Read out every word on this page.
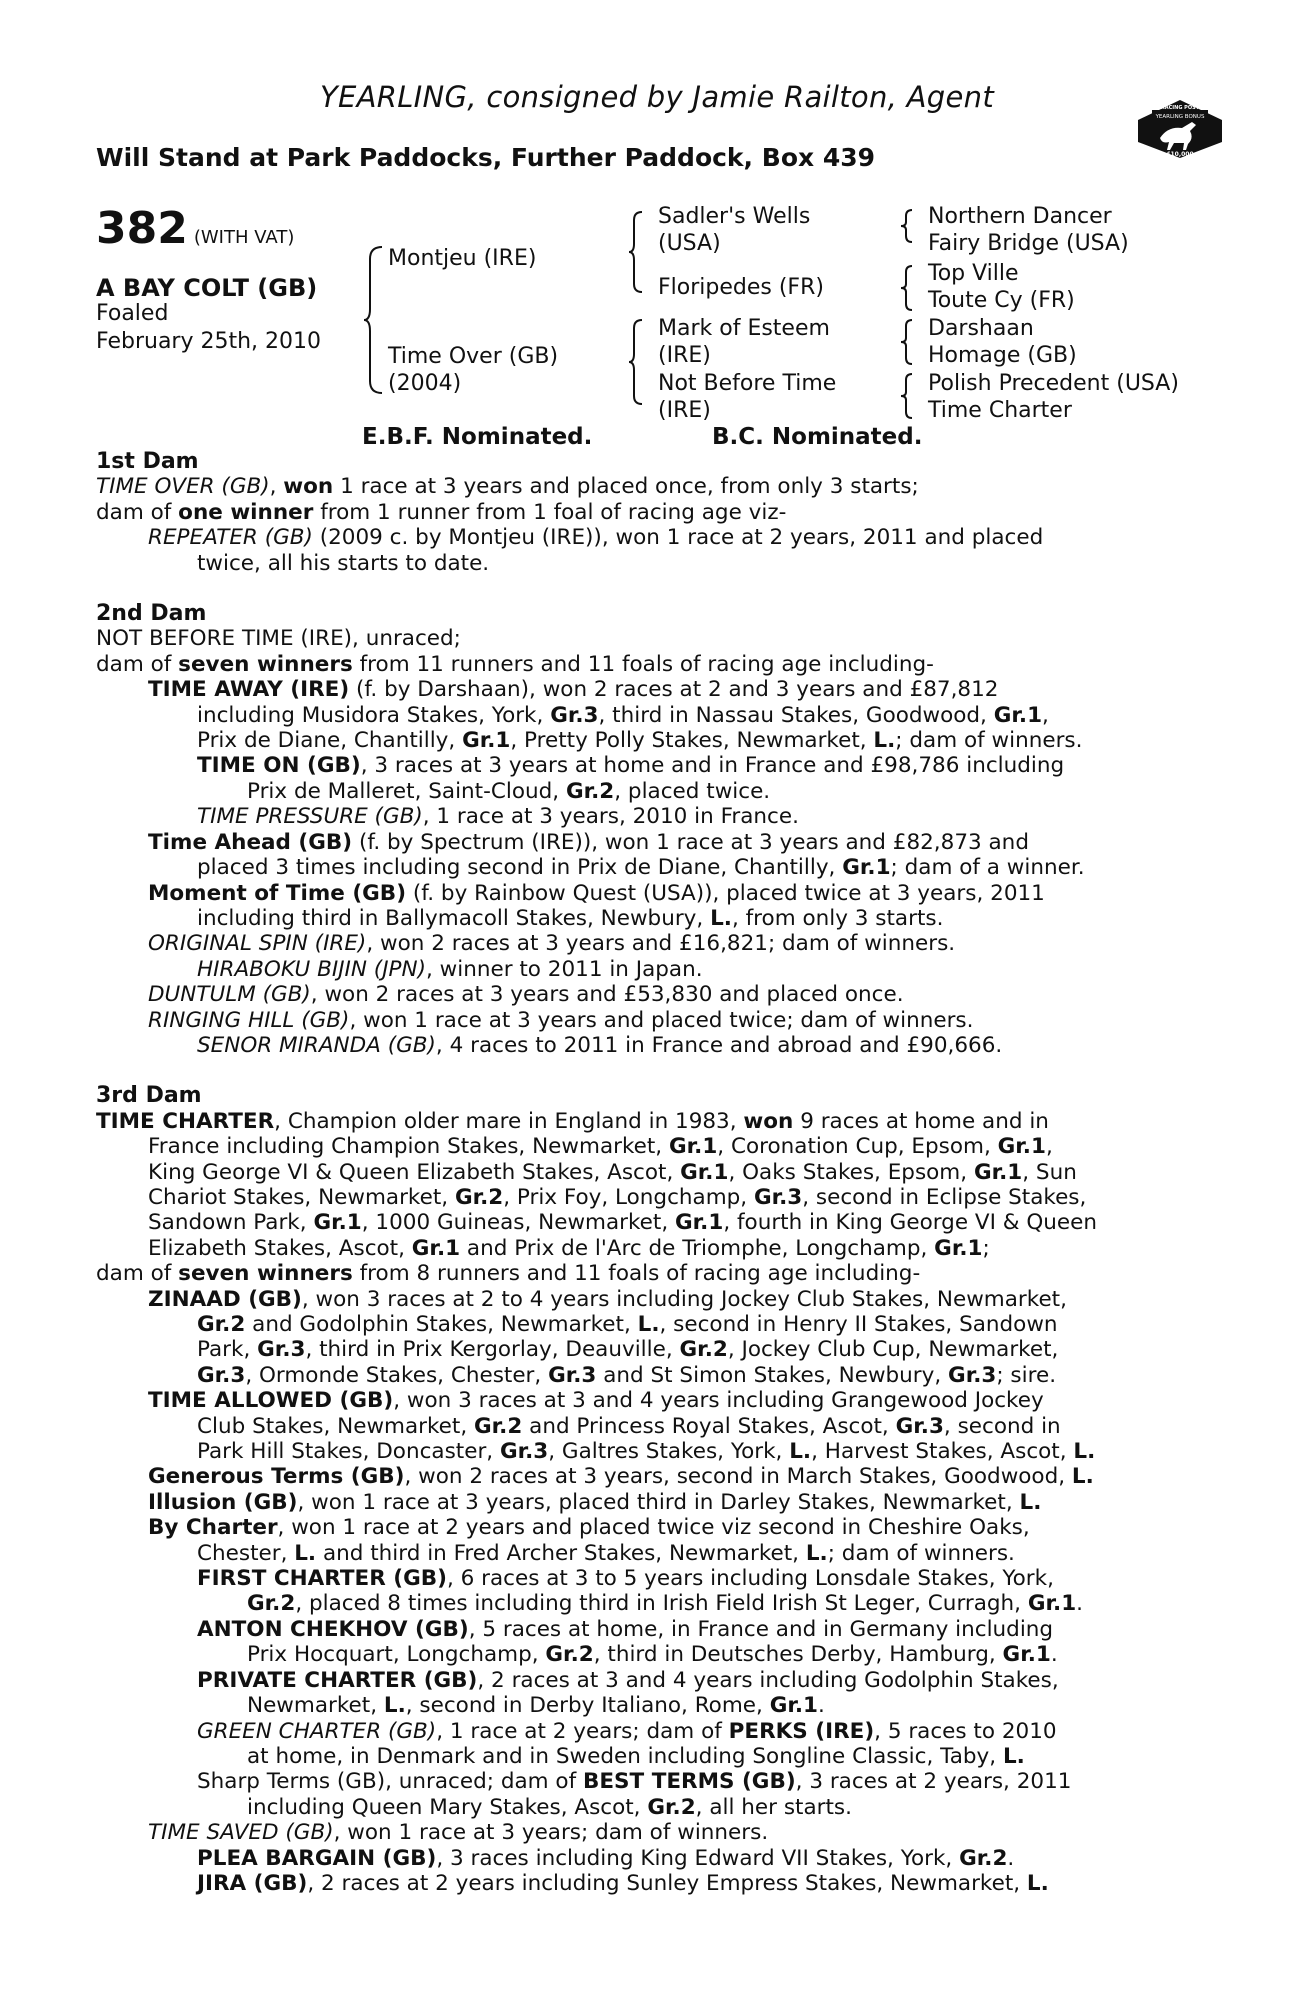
YEARLING, consigned by Jamie Railton, Agent
Will Stand at Park Paddocks, Further Paddock, Box 439
RACING POST
YEARLING BONUS
£10,000
382 (WITH VAT)
A BAY COLT (GB)
Foaled
February 25th, 2010
Montjeu (IRE)
Time Over (GB)
(2004)
Sadler's Wells
(USA)
Floripedes (FR)
Mark of Esteem
(IRE)
Not Before Time
(IRE)
Northern Dancer
Fairy Bridge (USA)
Top Ville
Toute Cy (FR)
Darshaan
Homage (GB)
Polish Precedent (USA)
Time Charter
E.B.F. Nominated.	B.C. Nominated.
1st Dam
TIME OVER (GB), won 1 race at 3 years and placed once, from only 3 starts;
dam of one winner from 1 runner from 1 foal of racing age viz-
REPEATER (GB) (2009 c. by Montjeu (IRE)), won 1 race at 2 years, 2011 and placed
twice, all his starts to date.
2nd Dam
NOT BEFORE TIME (IRE), unraced;
dam of seven winners from 11 runners and 11 foals of racing age including-
TIME AWAY (IRE) (f. by Darshaan), won 2 races at 2 and 3 years and £87,812
including Musidora Stakes, York, Gr.3, third in Nassau Stakes, Goodwood, Gr.1,
Prix de Diane, Chantilly, Gr.1, Pretty Polly Stakes, Newmarket, L.; dam of winners.
TIME ON (GB), 3 races at 3 years at home and in France and £98,786 including
Prix de Malleret, Saint-Cloud, Gr.2, placed twice.
TIME PRESSURE (GB), 1 race at 3 years, 2010 in France.
Time Ahead (GB) (f. by Spectrum (IRE)), won 1 race at 3 years and £82,873 and
placed 3 times including second in Prix de Diane, Chantilly, Gr.1; dam of a winner.
Moment of Time (GB) (f. by Rainbow Quest (USA)), placed twice at 3 years, 2011
including third in Ballymacoll Stakes, Newbury, L., from only 3 starts.
ORIGINAL SPIN (IRE), won 2 races at 3 years and £16,821; dam of winners.
HIRABOKU BIJIN (JPN), winner to 2011 in Japan.
DUNTULM (GB), won 2 races at 3 years and £53,830 and placed once.
RINGING HILL (GB), won 1 race at 3 years and placed twice; dam of winners.
SENOR MIRANDA (GB), 4 races to 2011 in France and abroad and £90,666.
3rd Dam
TIME CHARTER, Champion older mare in England in 1983, won 9 races at home and in
France including Champion Stakes, Newmarket, Gr.1, Coronation Cup, Epsom, Gr.1,
King George VI & Queen Elizabeth Stakes, Ascot, Gr.1, Oaks Stakes, Epsom, Gr.1, Sun
Chariot Stakes, Newmarket, Gr.2, Prix Foy, Longchamp, Gr.3, second in Eclipse Stakes,
Sandown Park, Gr.1, 1000 Guineas, Newmarket, Gr.1, fourth in King George VI & Queen
Elizabeth Stakes, Ascot, Gr.1 and Prix de l'Arc de Triomphe, Longchamp, Gr.1;
dam of seven winners from 8 runners and 11 foals of racing age including-
ZINAAD (GB), won 3 races at 2 to 4 years including Jockey Club Stakes, Newmarket,
Gr.2 and Godolphin Stakes, Newmarket, L., second in Henry II Stakes, Sandown
Park, Gr.3, third in Prix Kergorlay, Deauville, Gr.2, Jockey Club Cup, Newmarket,
Gr.3, Ormonde Stakes, Chester, Gr.3 and St Simon Stakes, Newbury, Gr.3; sire.
TIME ALLOWED (GB), won 3 races at 3 and 4 years including Grangewood Jockey
Club Stakes, Newmarket, Gr.2 and Princess Royal Stakes, Ascot, Gr.3, second in
Park Hill Stakes, Doncaster, Gr.3, Galtres Stakes, York, L., Harvest Stakes, Ascot, L.
Generous Terms (GB), won 2 races at 3 years, second in March Stakes, Goodwood, L.
Illusion (GB), won 1 race at 3 years, placed third in Darley Stakes, Newmarket, L.
By Charter, won 1 race at 2 years and placed twice viz second in Cheshire Oaks,
Chester, L. and third in Fred Archer Stakes, Newmarket, L.; dam of winners.
FIRST CHARTER (GB), 6 races at 3 to 5 years including Lonsdale Stakes, York,
Gr.2, placed 8 times including third in Irish Field Irish St Leger, Curragh, Gr.1.
ANTON CHEKHOV (GB), 5 races at home, in France and in Germany including
Prix Hocquart, Longchamp, Gr.2, third in Deutsches Derby, Hamburg, Gr.1.
PRIVATE CHARTER (GB), 2 races at 3 and 4 years including Godolphin Stakes,
Newmarket, L., second in Derby Italiano, Rome, Gr.1.
GREEN CHARTER (GB), 1 race at 2 years; dam of PERKS (IRE), 5 races to 2010
at home, in Denmark and in Sweden including Songline Classic, Taby, L.
Sharp Terms (GB), unraced; dam of BEST TERMS (GB), 3 races at 2 years, 2011
including Queen Mary Stakes, Ascot, Gr.2, all her starts.
TIME SAVED (GB), won 1 race at 3 years; dam of winners.
PLEA BARGAIN (GB), 3 races including King Edward VII Stakes, York, Gr.2.
JIRA (GB), 2 races at 2 years including Sunley Empress Stakes, Newmarket, L.
